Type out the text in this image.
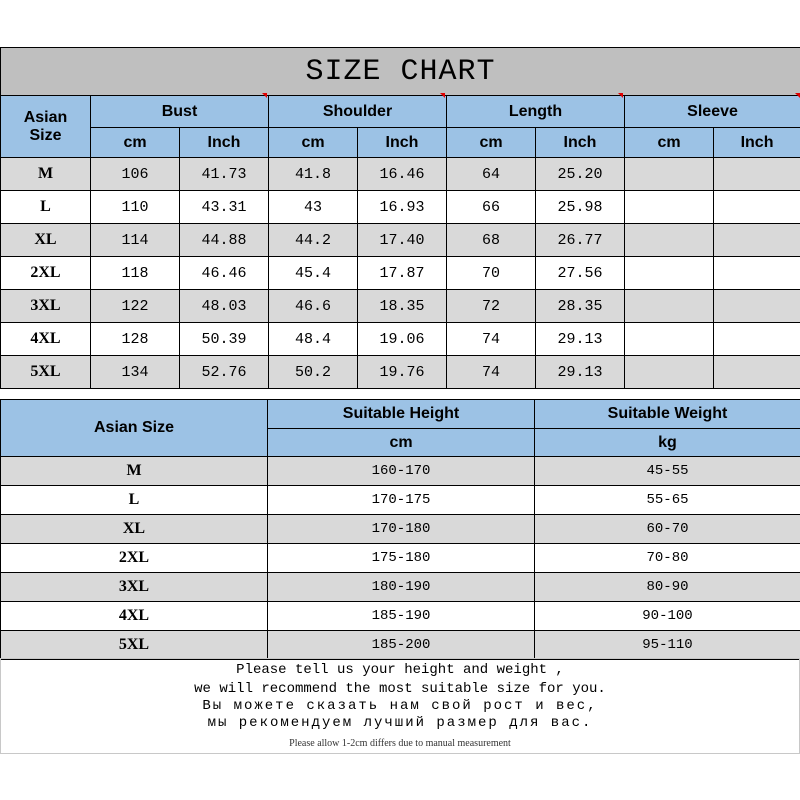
SIZE CHART								
Asian
Size	Bust		Shoulder		Length		Sleeve	
	cm	Inch	cm	Inch	cm	Inch	cm	Inch
M	106	41.73	41.8	16.46	64	25.20		
L	110	43.31	43	16.93	66	25.98		
XL	114	44.88	44.2	17.40	68	26.77		
2XL	118	46.46	45.4	17.87	70	27.56		
3XL	122	48.03	46.6	18.35	72	28.35		
4XL	128	50.39	48.4	19.06	74	29.13		
5XL	134	52.76	50.2	19.76	74	29.13		
Asian Size	Suitable Height	Suitable Weight
	cm	kg
M	160-170	45-55
L	170-175	55-65
XL	170-180	60-70
2XL	175-180	70-80
3XL	180-190	80-90
4XL	185-190	90-100
5XL	185-200	95-110
Please tell us your height and weight ,
we will recommend the most suitable size for you.
Вы можете сказать нам свой рост и вес,
мы рекомендуем лучший размер для вас.
Please allow 1-2cm differs due to manual measurement
